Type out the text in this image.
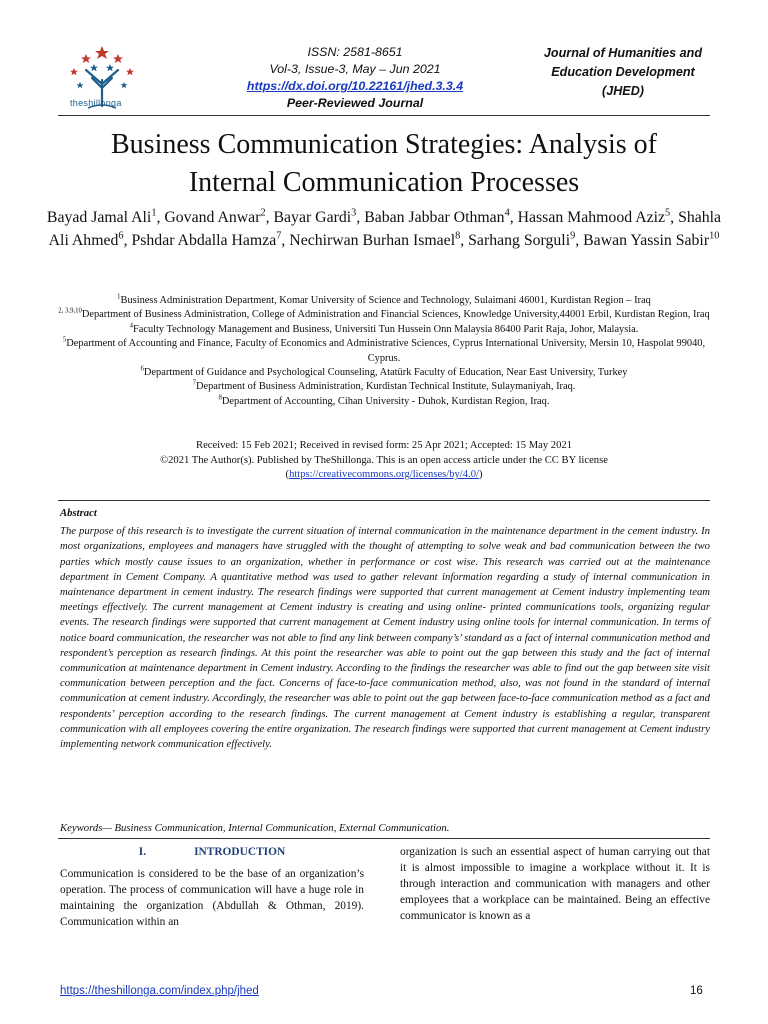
theshillonga
ISSN: 2581-8651
Vol-3, Issue-3, May – Jun 2021
https://dx.doi.org/10.22161/jhed.3.3.4
Peer-Reviewed Journal
Journal of Humanities and
Education Development
(JHED)
Business Communication Strategies: Analysis of
Internal Communication Processes
Bayad Jamal Ali$^1$, Govand Anwar$^2$, Bayar Gardi$^3$, Baban Jabbar Othman$^4$, Hassan Mahmood Aziz$^5$, Shahla Ali Ahmed$^6$, Pshdar Abdalla Hamza$^7$, Nechirwan Burhan Ismael$^8$, Sarhang Sorguli$^9$, Bawan Yassin Sabir$^{10}$
$^1$Business Administration Department, Komar University of Science and Technology, Sulaimani 46001, Kurdistan Region – Iraq
$^{2, 3,9,10}$Department of Business Administration, College of Administration and Financial Sciences, Knowledge University,44001 Erbil, Kurdistan Region, Iraq
$^4$Faculty Technology Management and Business, Universiti Tun Hussein Onn Malaysia 86400 Parit Raja, Johor, Malaysia.
$^5$Department of Accounting and Finance, Faculty of Economics and Administrative Sciences, Cyprus International University, Mersin 10, Haspolat 99040, Cyprus.
$^6$Department of Guidance and Psychological Counseling, Atatürk Faculty of Education, Near East University, Turkey
$^7$Department of Business Administration, Kurdistan Technical Institute, Sulaymaniyah, Iraq.
$^8$Department of Accounting, Cihan University - Duhok, Kurdistan Region, Iraq.
Received: 15 Feb 2021; Received in revised form: 25 Apr 2021; Accepted: 15 May 2021
©2021 The Author(s). Published by TheShillonga. This is an open access article under the CC BY license
(https://creativecommons.org/licenses/by/4.0/)
Abstract

The purpose of this research is to investigate the current situation of internal communication in the maintenance department in the cement industry. In most organizations, employees and managers have struggled with the thought of attempting to solve weak and bad communication between the two parties which mostly cause issues to an organization, whether in performance or cost wise. This research was carried out at the maintenance department in Cement Company. A quantitative method was used to gather relevant information regarding a study of internal communication in maintenance department in cement industry. The research findings were supported that current management at Cement industry implementing team meetings effectively. The current management at Cement industry is creating and using online- printed communications tools, organizing regular events. The research findings were supported that current management at Cement industry using online tools for internal communication. In terms of notice board communication, the researcher was not able to find any link between company’s’ standard as a fact of internal communication method and respondent’s perception as research findings. At this point the researcher was able to point out the gap between this study and the fact of internal communication at maintenance department in Cement industry. According to the findings the researcher was able to find out the gap between site visit communication between perception and the fact. Concerns of face-to-face communication method, also, was not found in the standard of internal communication at cement industry. Accordingly, the researcher was able to point out the gap between face-to-face communication method as a fact and respondents’ perception according to the research findings. The current management at Cement industry is establishing a regular, transparent communication with all employees covering the entire organization. The research findings were supported that current management at Cement industry implementing network communication effectively.

Keywords— Business Communication, Internal Communication, External Communication.
I.	INTRODUCTION
Communication is considered to be the base of an organization’s operation. The process of communication will have a huge role in maintaining the organization (Abdullah & Othman, 2019). Communication within an
organization is such an essential aspect of human carrying out that it is almost impossible to imagine a workplace without it. It is through interaction and communication with managers and other employees that a workplace can be maintained. Being an effective communicator is known as a
https://theshillonga.com/index.php/jhed	16
